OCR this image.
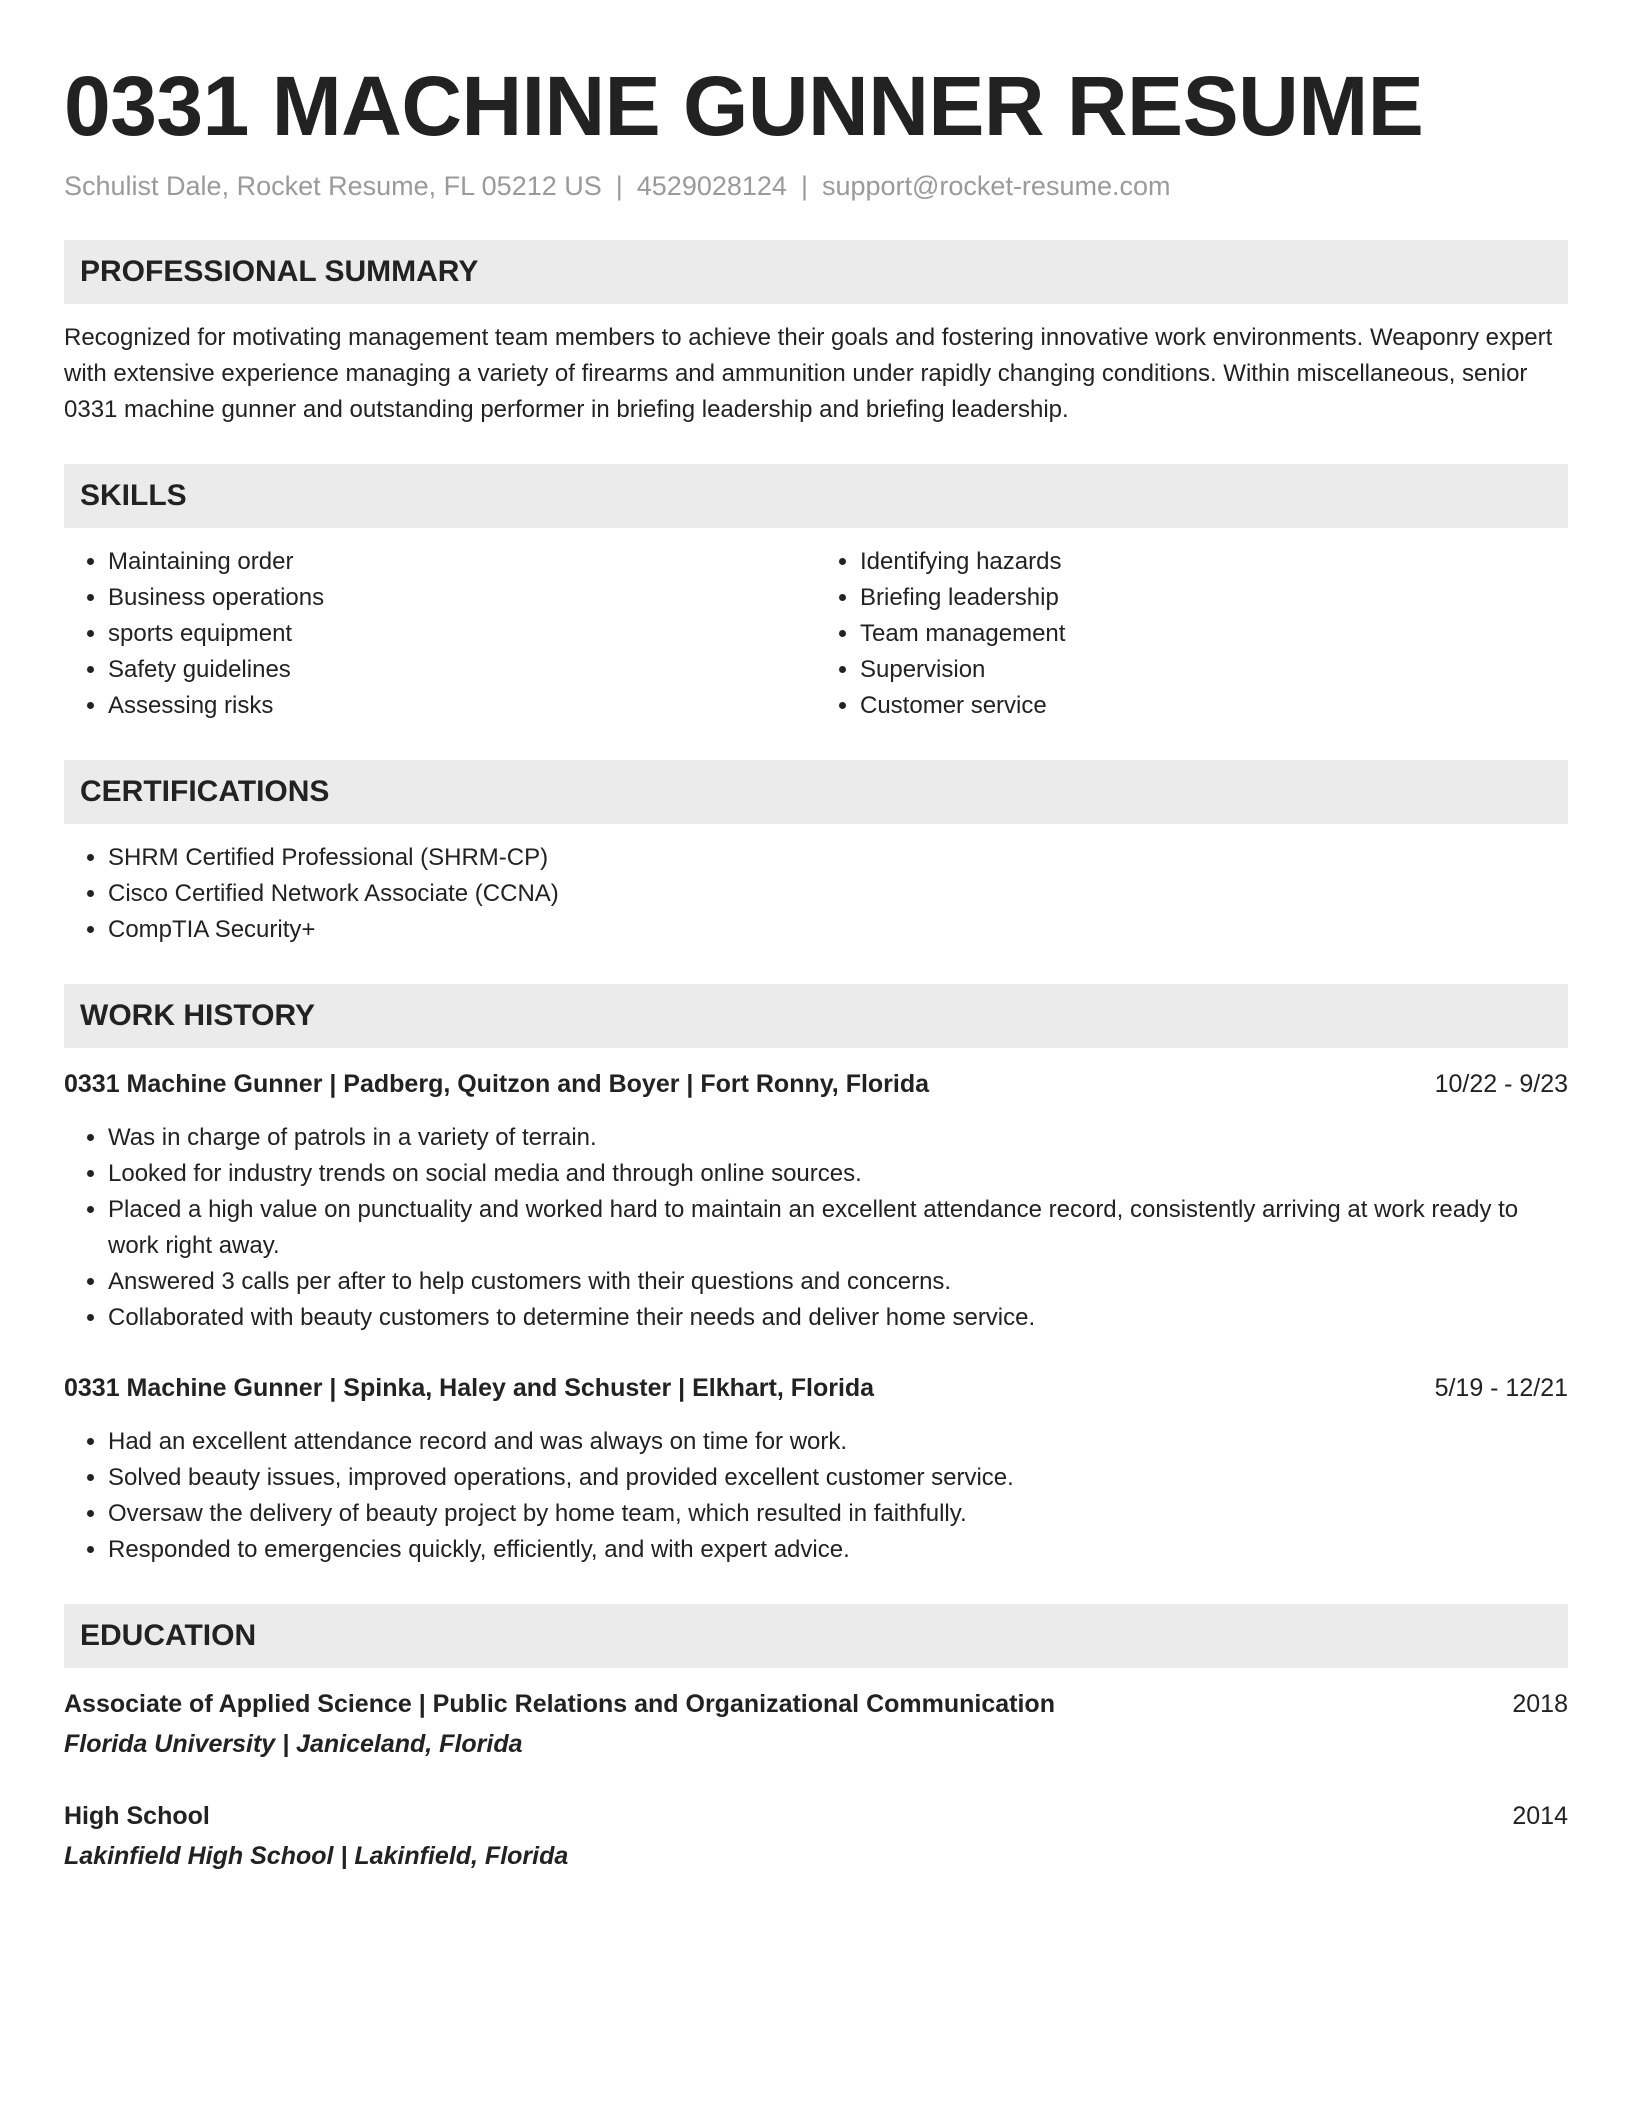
0331 MACHINE GUNNER RESUME
Schulist Dale, Rocket Resume, FL 05212 US | 4529028124 | support@rocket-resume.com
PROFESSIONAL SUMMARY

Recognized for motivating management team members to achieve their goals and fostering innovative work environments. Weaponry expert with extensive experience managing a variety of firearms and ammunition under rapidly changing conditions. Within miscellaneous, senior 0331 machine gunner and outstanding performer in briefing leadership and briefing leadership.

SKILLS
• Maintaining order
• Business operations
• sports equipment
• Safety guidelines
• Assessing risks
• Identifying hazards
• Briefing leadership
• Team management
• Supervision
• Customer service
CERTIFICATIONS
• SHRM Certified Professional (SHRM-CP)
• Cisco Certified Network Associate (CCNA)
• CompTIA Security+
WORK HISTORY
0331 Machine Gunner | Padberg, Quitzon and Boyer | Fort Ronny, Florida	10/22 - 9/23
• Was in charge of patrols in a variety of terrain.
• Looked for industry trends on social media and through online sources.
• Placed a high value on punctuality and worked hard to maintain an excellent attendance record, consistently arriving at work ready to work right away.
• Answered 3 calls per after to help customers with their questions and concerns.
• Collaborated with beauty customers to determine their needs and deliver home service.
0331 Machine Gunner | Spinka, Haley and Schuster | Elkhart, Florida	5/19 - 12/21
• Had an excellent attendance record and was always on time for work.
• Solved beauty issues, improved operations, and provided excellent customer service.
• Oversaw the delivery of beauty project by home team, which resulted in faithfully.
• Responded to emergencies quickly, efficiently, and with expert advice.
EDUCATION
Associate of Applied Science | Public Relations and Organizational Communication	2018
Florida University | Janiceland, Florida
High School	2014
Lakinfield High School | Lakinfield, Florida
